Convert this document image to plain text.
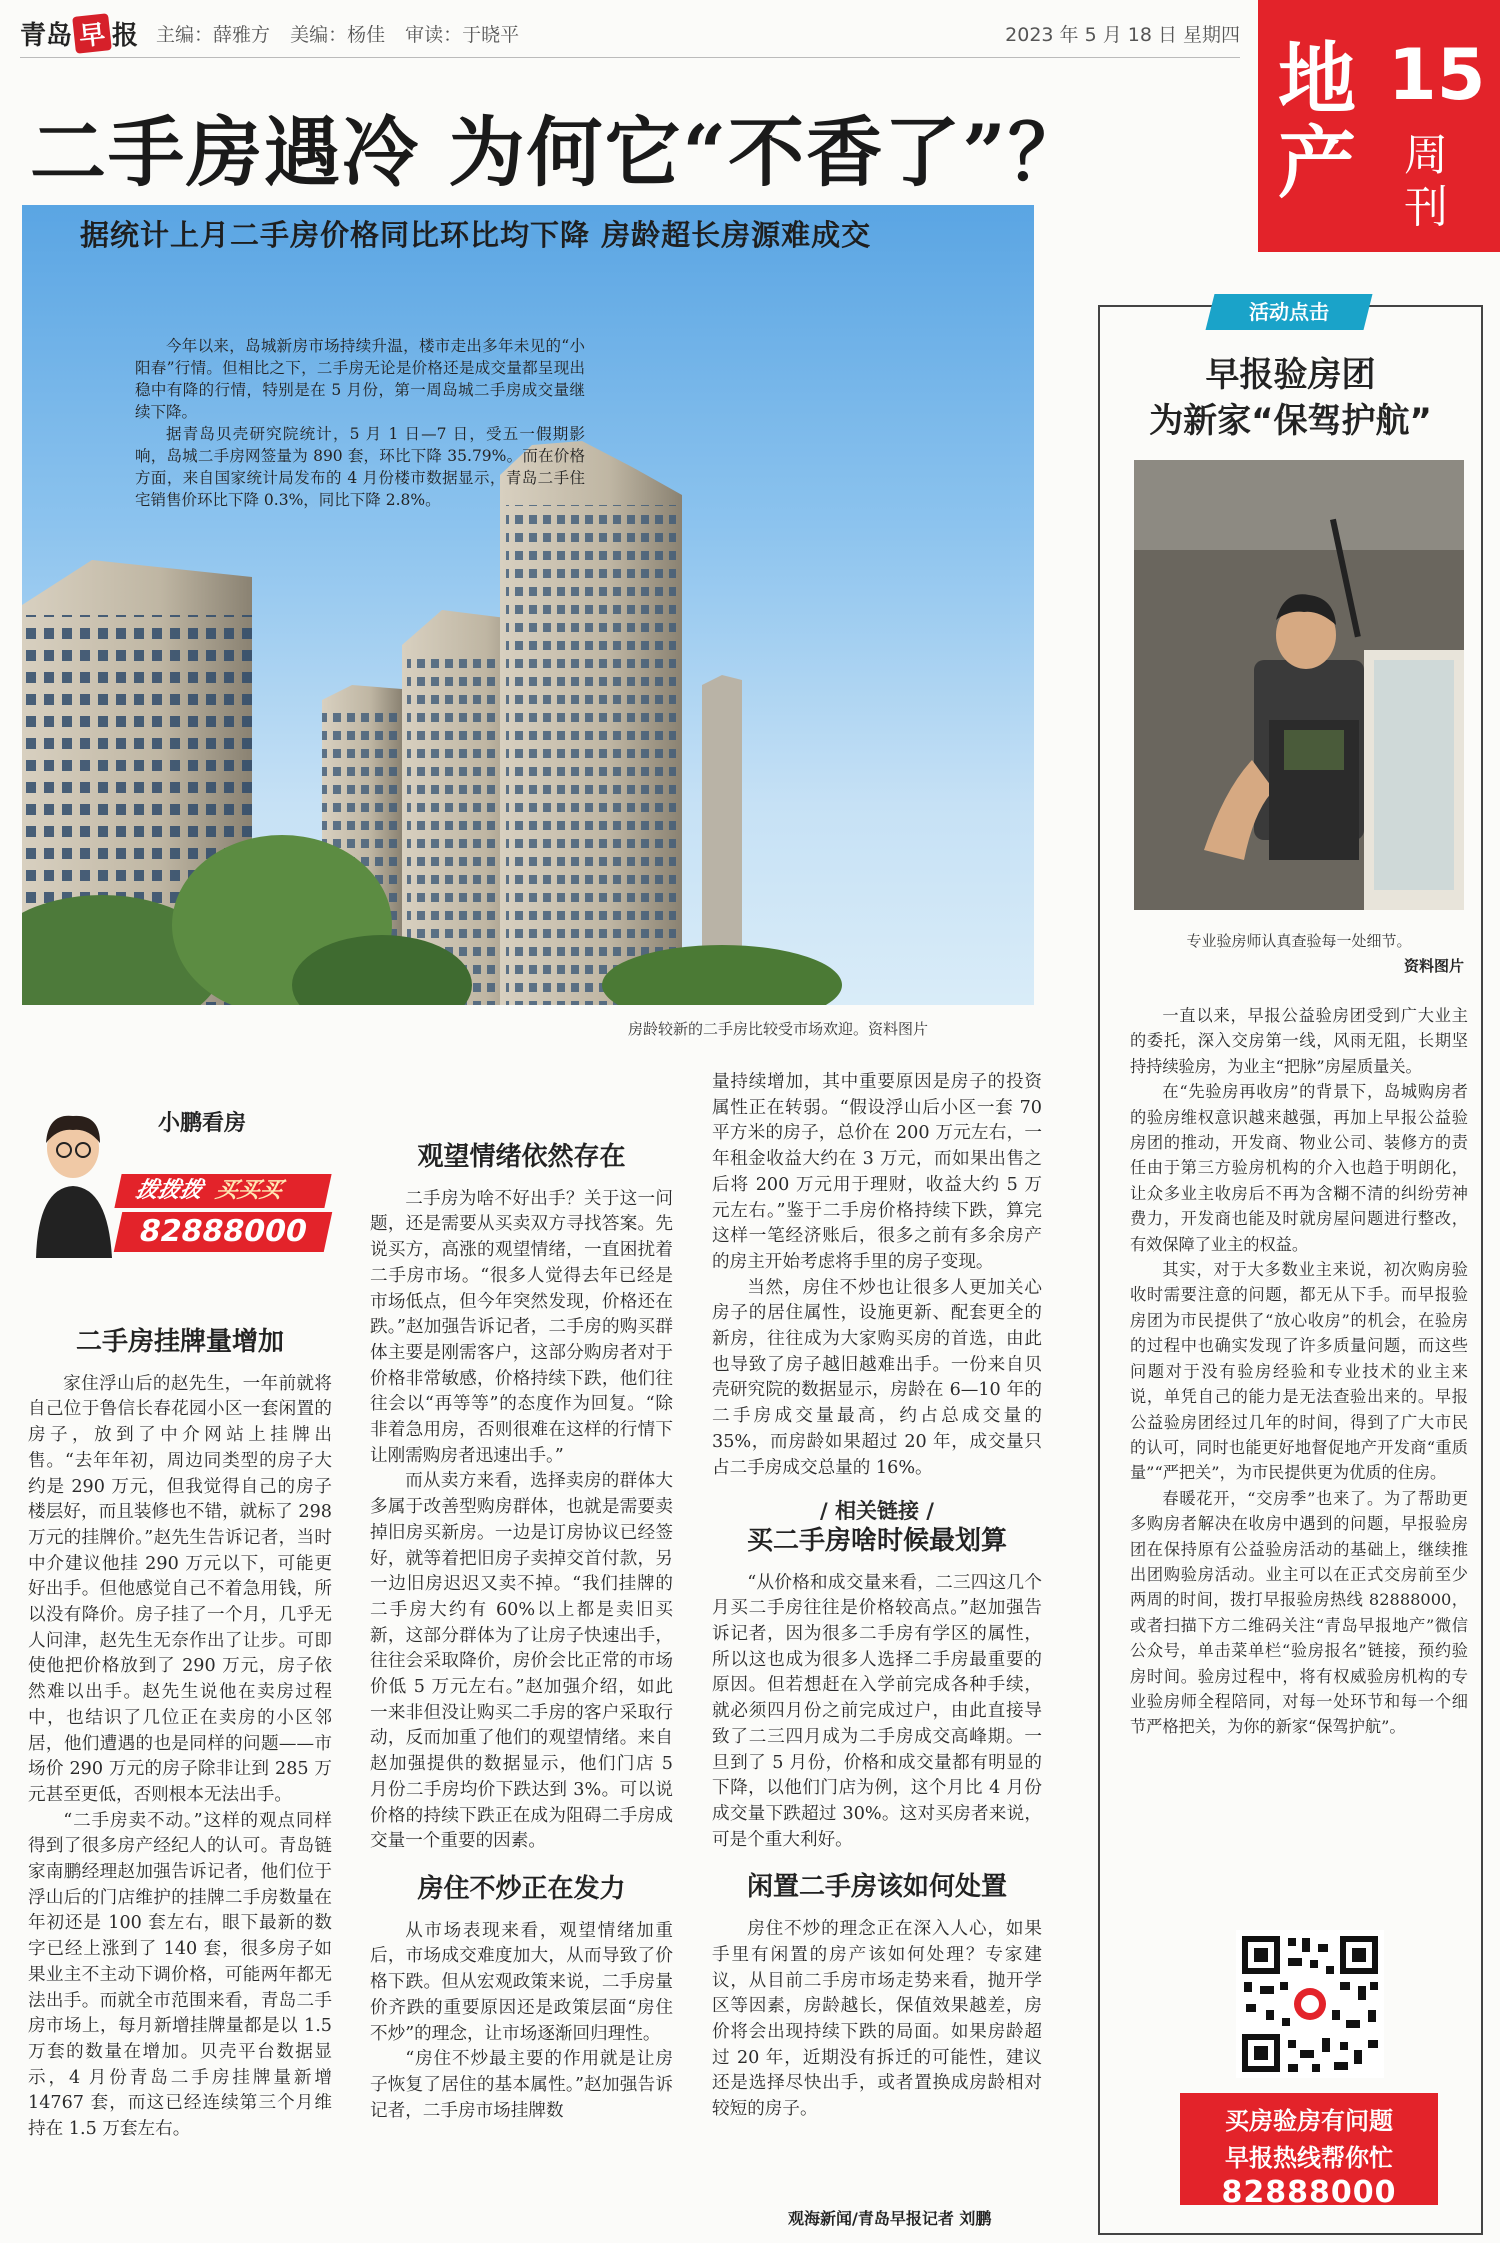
青岛 早 报 主编：薛雅方 美编：杨佳 审读：于晓平	2023 年 5 月 18 日 星期四 地产
15
周刊
二手房遇冷 为何它“不香了”？
据统计上月二手房价格同比环比均下降 房龄超长房源难成交

今年以来，岛城新房市场持续升温，楼市走出多年未见的“小阳春”行情。但相比之下，二手房无论是价格还是成交量都呈现出稳中有降的行情，特别是在 5 月份，第一周岛城二手房成交量继续下降。

据青岛贝壳研究院统计，5 月 1 日—7 日，受五一假期影响，岛城二手房网签量为 890 套，环比下降 35.79%。而在价格方面，来自国家统计局发布的 4 月份楼市数据显示，青岛二手住宅销售价环比下降 0.3%，同比下降 2.8%。

房龄较新的二手房比较受市场欢迎。资料图片
小鹏看房
拨拨拨 买买买
82888000
二手房挂牌量增加

家住浮山后的赵先生，一年前就将自己位于鲁信长春花园小区一套闲置的房子，放到了中介网站上挂牌出售。“去年年初，周边同类型的房子大约是 290 万元，但我觉得自己的房子楼层好，而且装修也不错，就标了 298 万元的挂牌价。”赵先生告诉记者，当时中介建议他挂 290 万元以下，可能更好出手。但他感觉自己不着急用钱，所以没有降价。房子挂了一个月，几乎无人问津，赵先生无奈作出了让步。可即使他把价格放到了 290 万元，房子依然难以出手。赵先生说他在卖房过程中，也结识了几位正在卖房的小区邻居，他们遭遇的也是同样的问题——市场价 290 万元的房子除非让到 285 万元甚至更低，否则根本无法出手。

“二手房卖不动。”这样的观点同样得到了很多房产经纪人的认可。青岛链家南鹏经理赵加强告诉记者，他们位于浮山后的门店维护的挂牌二手房数量在年初还是 100 套左右，眼下最新的数字已经上涨到了 140 套，很多房子如果业主不主动下调价格，可能两年都无法出手。而就全市范围来看，青岛二手房市场上，每月新增挂牌量都是以 1.5 万套的数量在增加。贝壳平台数据显示，4 月份青岛二手房挂牌量新增 14767 套，而这已经连续第三个月维持在 1.5 万套左右。

观望情绪依然存在

二手房为啥不好出手？关于这一问题，还是需要从买卖双方寻找答案。先说买方，高涨的观望情绪，一直困扰着二手房市场。“很多人觉得去年已经是市场低点，但今年突然发现，价格还在跌。”赵加强告诉记者，二手房的购买群体主要是刚需客户，这部分购房者对于价格非常敏感，价格持续下跌，他们往往会以“再等等”的态度作为回复。“除非着急用房，否则很难在这样的行情下让刚需购房者迅速出手。”

而从卖方来看，选择卖房的群体大多属于改善型购房群体，也就是需要卖掉旧房买新房。一边是订房协议已经签好，就等着把旧房子卖掉交首付款，另一边旧房迟迟又卖不掉。“我们挂牌的二手房大约有 60%以上都是卖旧买新，这部分群体为了让房子快速出手，往往会采取降价，房价会比正常的市场价低 5 万元左右。”赵加强介绍，如此一来非但没让购买二手房的客户采取行动，反而加重了他们的观望情绪。来自赵加强提供的数据显示，他们门店 5 月份二手房均价下跌达到 3%。可以说价格的持续下跌正在成为阻碍二手房成交量一个重要的因素。

房住不炒正在发力

从市场表现来看，观望情绪加重后，市场成交难度加大，从而导致了价格下跌。但从宏观政策来说，二手房量价齐跌的重要原因还是政策层面“房住不炒”的理念，让市场逐渐回归理性。

“房住不炒最主要的作用就是让房子恢复了居住的基本属性。”赵加强告诉记者，二手房市场挂牌数

量持续增加，其中重要原因是房子的投资属性正在转弱。“假设浮山后小区一套 70 平方米的房子，总价在 200 万元左右，一年租金收益大约在 3 万元，而如果出售之后将 200 万元用于理财，收益大约 5 万元左右。”鉴于二手房价格持续下跌，算完这样一笔经济账后，很多之前有多余房产的房主开始考虑将手里的房子变现。

当然，房住不炒也让很多人更加关心房子的居住属性，设施更新、配套更全的新房，往往成为大家购买房的首选，由此也导致了房子越旧越难出手。一份来自贝壳研究院的数据显示，房龄在 6—10 年的二手房成交量最高，约占总成交量的 35%，而房龄如果超过 20 年，成交量只占二手房成交总量的 16%。

/ 相关链接 /
买二手房啥时候最划算

“从价格和成交量来看，二三四这几个月买二手房往往是价格较高点。”赵加强告诉记者，因为很多二手房有学区的属性，所以这也成为很多人选择二手房最重要的原因。但若想赶在入学前完成各种手续，就必须四月份之前完成过户，由此直接导致了二三四月成为二手房成交高峰期。一旦到了 5 月份，价格和成交量都有明显的下降，以他们门店为例，这个月比 4 月份成交量下跌超过 30%。这对买房者来说，可是个重大利好。

闲置二手房该如何处置

房住不炒的理念正在深入人心，如果手里有闲置的房产该如何处理？专家建议，从目前二手房市场走势来看，抛开学区等因素，房龄越长，保值效果越差，房价将会出现持续下跌的局面。如果房龄超过 20 年，近期没有拆迁的可能性，建议还是选择尽快出手，或者置换成房龄相对较短的房子。

观海新闻/青岛早报记者 刘鹏
活动点击
早报验房团
为新家“保驾护航”
专业验房师认真查验每一处细节。
资料图片

一直以来，早报公益验房团受到广大业主的委托，深入交房第一线，风雨无阻，长期坚持持续验房，为业主“把脉”房屋质量关。

在“先验房再收房”的背景下，岛城购房者的验房维权意识越来越强，再加上早报公益验房团的推动，开发商、物业公司、装修方的责任由于第三方验房机构的介入也趋于明朗化，让众多业主收房后不再为含糊不清的纠纷劳神费力，开发商也能及时就房屋问题进行整改，有效保障了业主的权益。

其实，对于大多数业主来说，初次购房验收时需要注意的问题，都无从下手。而早报验房团为市民提供了“放心收房”的机会，在验房的过程中也确实发现了许多质量问题，而这些问题对于没有验房经验和专业技术的业主来说，单凭自己的能力是无法查验出来的。早报公益验房团经过几年的时间，得到了广大市民的认可，同时也能更好地督促地产开发商“重质量”“严把关”，为市民提供更为优质的住房。

春暖花开，“交房季”也来了。为了帮助更多购房者解决在收房中遇到的问题，早报验房团在保持原有公益验房活动的基础上，继续推出团购验房活动。业主可以在正式交房前至少两周的时间，拨打早报验房热线 82888000，或者扫描下方二维码关注“青岛早报地产”微信公众号，单击菜单栏“验房报名”链接，预约验房时间。验房过程中，将有权威验房机构的专业验房师全程陪同，对每一处环节和每一个细节严格把关，为你的新家“保驾护航”。

买房验房有问题
早报热线帮你忙
82888000
